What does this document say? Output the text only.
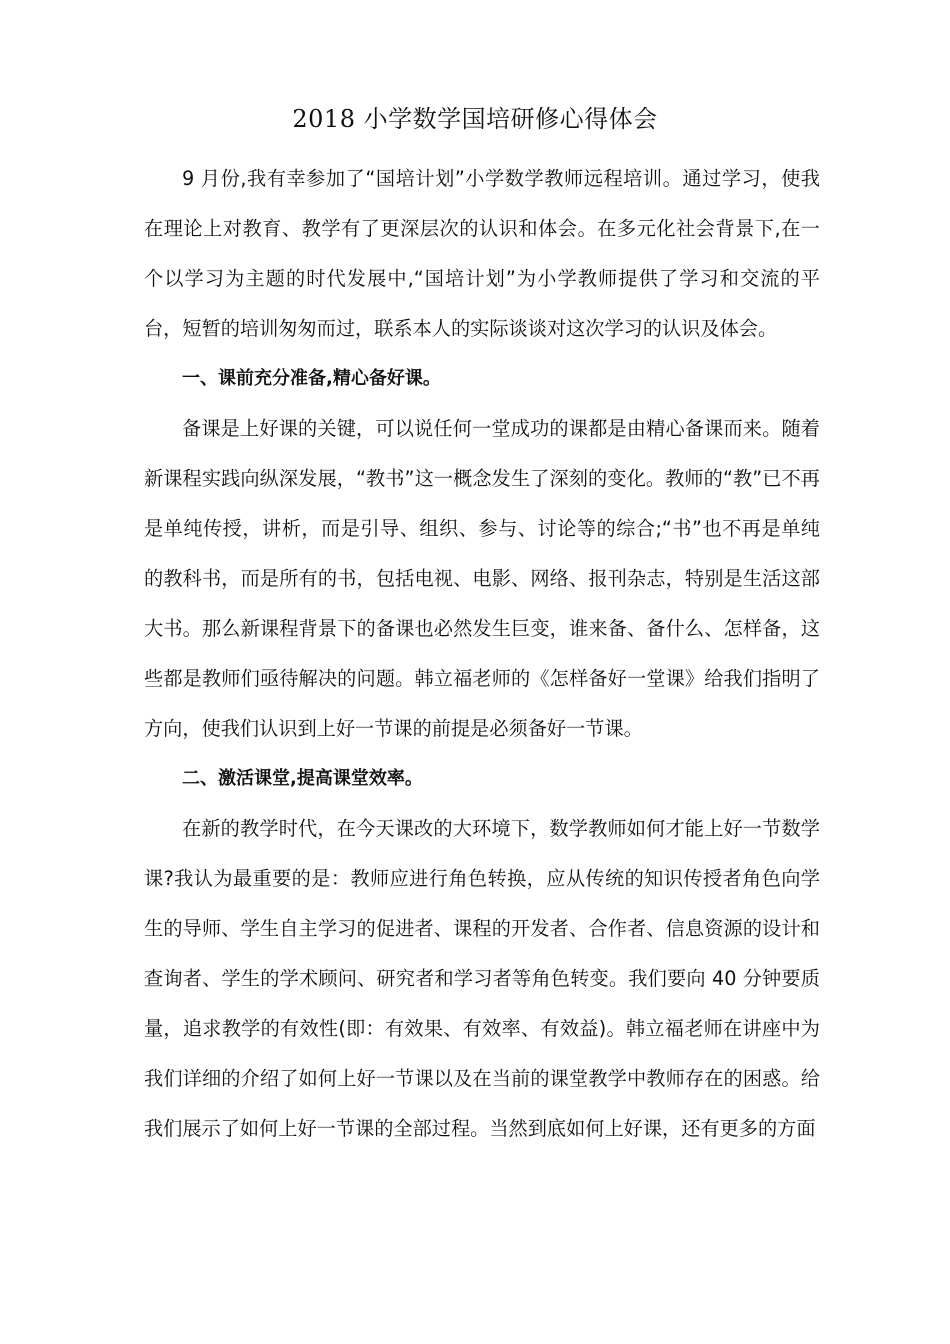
2018 小学数学国培研修心得体会

9 月份,我有幸参加了“国培计划”小学数学教师远程培训。通过学习，使我在理论上对教育、教学有了更深层次的认识和体会。在多元化社会背景下,在一个以学习为主题的时代发展中,“国培计划”为小学教师提供了学习和交流的平台，短暂的培训匆匆而过，联系本人的实际谈谈对这次学习的认识及体会。

一、课前充分准备,精心备好课。

备课是上好课的关键，可以说任何一堂成功的课都是由精心备课而来。随着新课程实践向纵深发展，“教书”这一概念发生了深刻的变化。教师的“教”已不再是单纯传授，讲析，而是引导、组织、参与、讨论等的综合;“书”也不再是单纯的教科书，而是所有的书，包括电视、电影、网络、报刊杂志，特别是生活这部大书。那么新课程背景下的备课也必然发生巨变，谁来备、备什么、怎样备，这些都是教师们亟待解决的问题。韩立福老师的《怎样备好一堂课》给我们指明了方向，使我们认识到上好一节课的前提是必须备好一节课。

二、激活课堂,提高课堂效率。

在新的教学时代，在今天课改的大环境下，数学教师如何才能上好一节数学课?我认为最重要的是：教师应进行角色转换，应从传统的知识传授者角色向学生的导师、学生自主学习的促进者、课程的开发者、合作者、信息资源的设计和查询者、学生的学术顾问、研究者和学习者等角色转变。我们要向 40 分钟要质量，追求教学的有效性(即：有效果、有效率、有效益)。韩立福老师在讲座中为我们详细的介绍了如何上好一节课以及在当前的课堂教学中教师存在的困惑。给我们展示了如何上好一节课的全部过程。当然到底如何上好课，还有更多的方面
